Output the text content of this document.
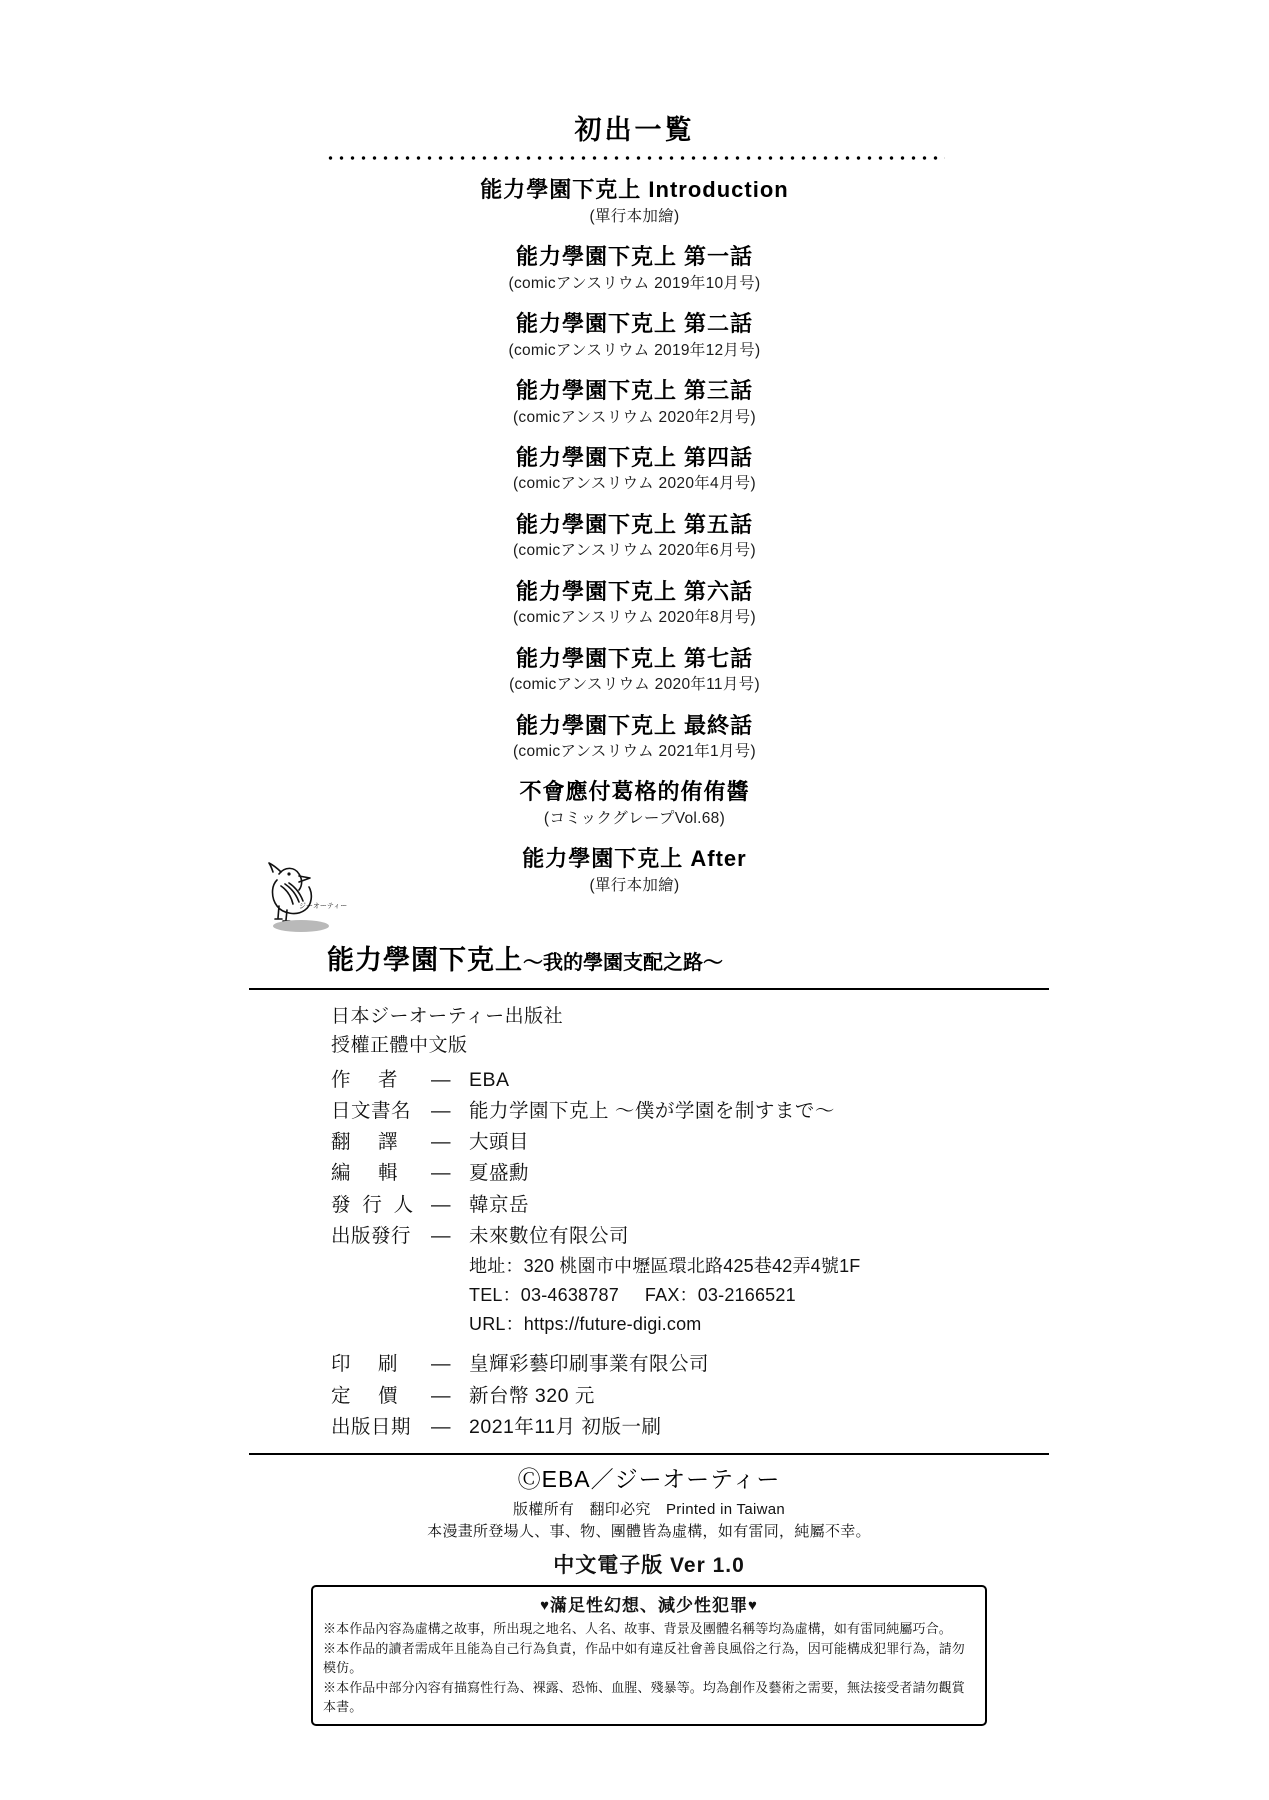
初出一覧
能力學園下克上 Introduction
(單行本加繪)
能力學園下克上 第一話
(comicアンスリウム 2019年10月号)
能力學園下克上 第二話
(comicアンスリウム 2019年12月号)
能力學園下克上 第三話
(comicアンスリウム 2020年2月号)
能力學園下克上 第四話
(comicアンスリウム 2020年4月号)
能力學園下克上 第五話
(comicアンスリウム 2020年6月号)
能力學園下克上 第六話
(comicアンスリウム 2020年8月号)
能力學園下克上 第七話
(comicアンスリウム 2020年11月号)
能力學園下克上 最終話
(comicアンスリウム 2021年1月号)
不會應付葛格的侑侑醬
(コミックグレープVol.68)
能力學園下克上 After
(單行本加繪)
ジーオーティー
能力學園下克上～我的學園支配之路～
日本ジーオーティー出版社
授權正體中文版
作 者 — EBA
日文書名 — 能力学園下克上 ～僕が学園を制すまで～
翻 譯 — 大頭目
編 輯 — 夏盛勳
發 行 人 — 韓京岳
出版發行 — 未來數位有限公司
地址：320 桃園市中壢區環北路425巷42弄4號1F
TEL：03-4638787 FAX：03-2166521
URL：https://future-digi.com
印 刷 — 皇輝彩藝印刷事業有限公司
定 價 — 新台幣 320 元
出版日期 — 2021年11月 初版一刷
ⒸEBA／ジーオーティー
版權所有　翻印必究　Printed in Taiwan
本漫畫所登場人、事、物、團體皆為虛構，如有雷同，純屬不幸。
中文電子版 Ver 1.0
♥滿足性幻想、減少性犯罪♥
※本作品內容為虛構之故事，所出現之地名、人名、故事、背景及團體名稱等均為虛構，如有雷同純屬巧合。
※本作品的讀者需成年且能為自己行為負責，作品中如有違反社會善良風俗之行為，因可能構成犯罪行為，請勿模仿。
※本作品中部分內容有描寫性行為、裸露、恐怖、血腥、殘暴等。均為創作及藝術之需要，無法接受者請勿觀賞本書。
